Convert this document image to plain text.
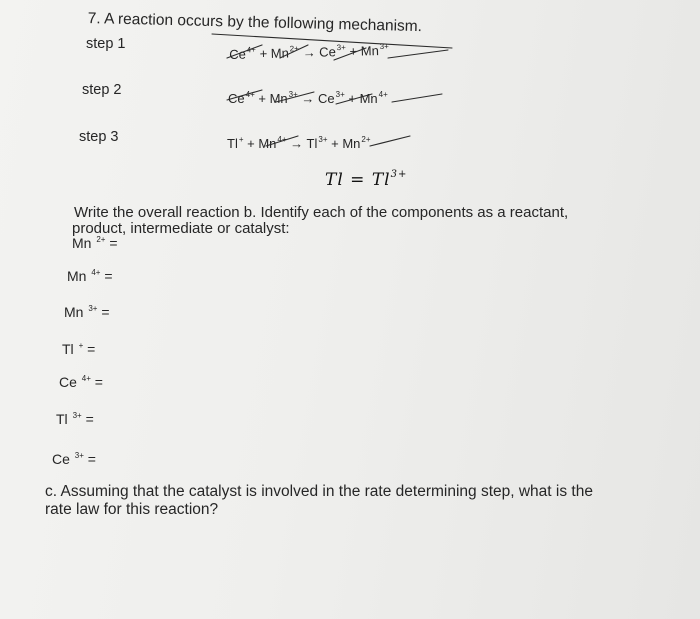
7. A reaction occurs by the following mechanism.
step 1
step 2
step 3
$Ce^{4+} + Mn^{2+} \to Ce^{3+} + Mn^{3+}$
$Ce^{4+} + Mn^{3+} \to Ce^{3+} + Mn^{4+}$
$Tl^+ + Mn^{4+} \to Tl^{3+} + Mn^{2+}$
$Tl = Tl^{3+}$
Write the overall reaction b. Identify each of the components as a reactant,
product, intermediate or catalyst:
Mn $^{2+}$ =
Mn $^{4+}$ =
Mn $^{3+}$ =
Tl + =
Ce $^{4+}$ =
Tl $^{3+}$ =
Ce $^{3+}$ =
c. Assuming that the catalyst is involved in the rate determining step, what is the
rate law for this reaction?
